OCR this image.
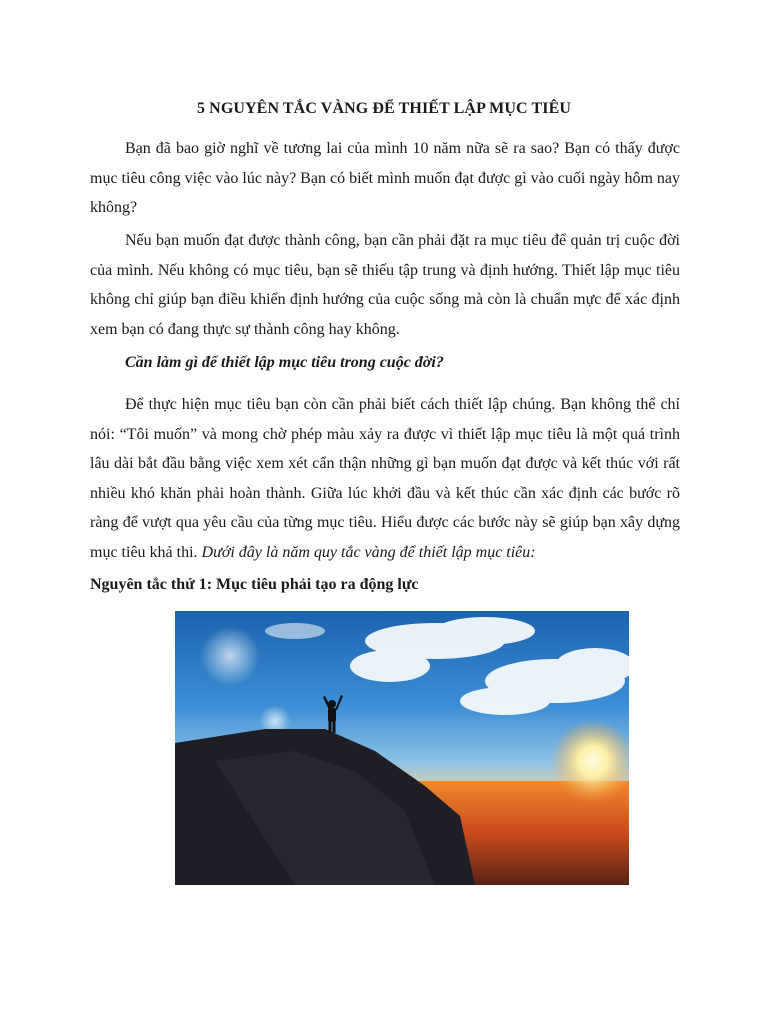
5 NGUYÊN TẮC VÀNG ĐỂ THIẾT LẬP MỤC TIÊU

Bạn đã bao giờ nghĩ về tương lai của mình 10 năm nữa sẽ ra sao? Bạn có thấy được mục tiêu công việc vào lúc này? Bạn có biết mình muốn đạt được gì vào cuối ngày hôm nay không?

Nếu bạn muốn đạt được thành công, bạn cần phải đặt ra mục tiêu để quản trị cuộc đời của mình. Nếu không có mục tiêu, bạn sẽ thiếu tập trung và định hướng. Thiết lập mục tiêu không chỉ giúp bạn điều khiển định hướng của cuộc sống mà còn là chuẩn mực để xác định xem bạn có đang thực sự thành công hay không.

Cần làm gì để thiết lập mục tiêu trong cuộc đời?

Để thực hiện mục tiêu bạn còn cần phải biết cách thiết lập chúng. Bạn không thể chỉ nói: “Tôi muốn” và mong chờ phép màu xảy ra được vì thiết lập mục tiêu là một quá trình lâu dài bắt đầu bằng việc xem xét cẩn thận những gì bạn muốn đạt được và kết thúc với rất nhiều khó khăn phải hoàn thành. Giữa lúc khởi đầu và kết thúc cần xác định các bước rõ ràng để vượt qua yêu cầu của từng mục tiêu. Hiểu được các bước này sẽ giúp bạn xây dựng mục tiêu khả thi. Dưới đây là năm quy tắc vàng để thiết lập mục tiêu:

Nguyên tắc thứ 1: Mục tiêu phải tạo ra động lực
